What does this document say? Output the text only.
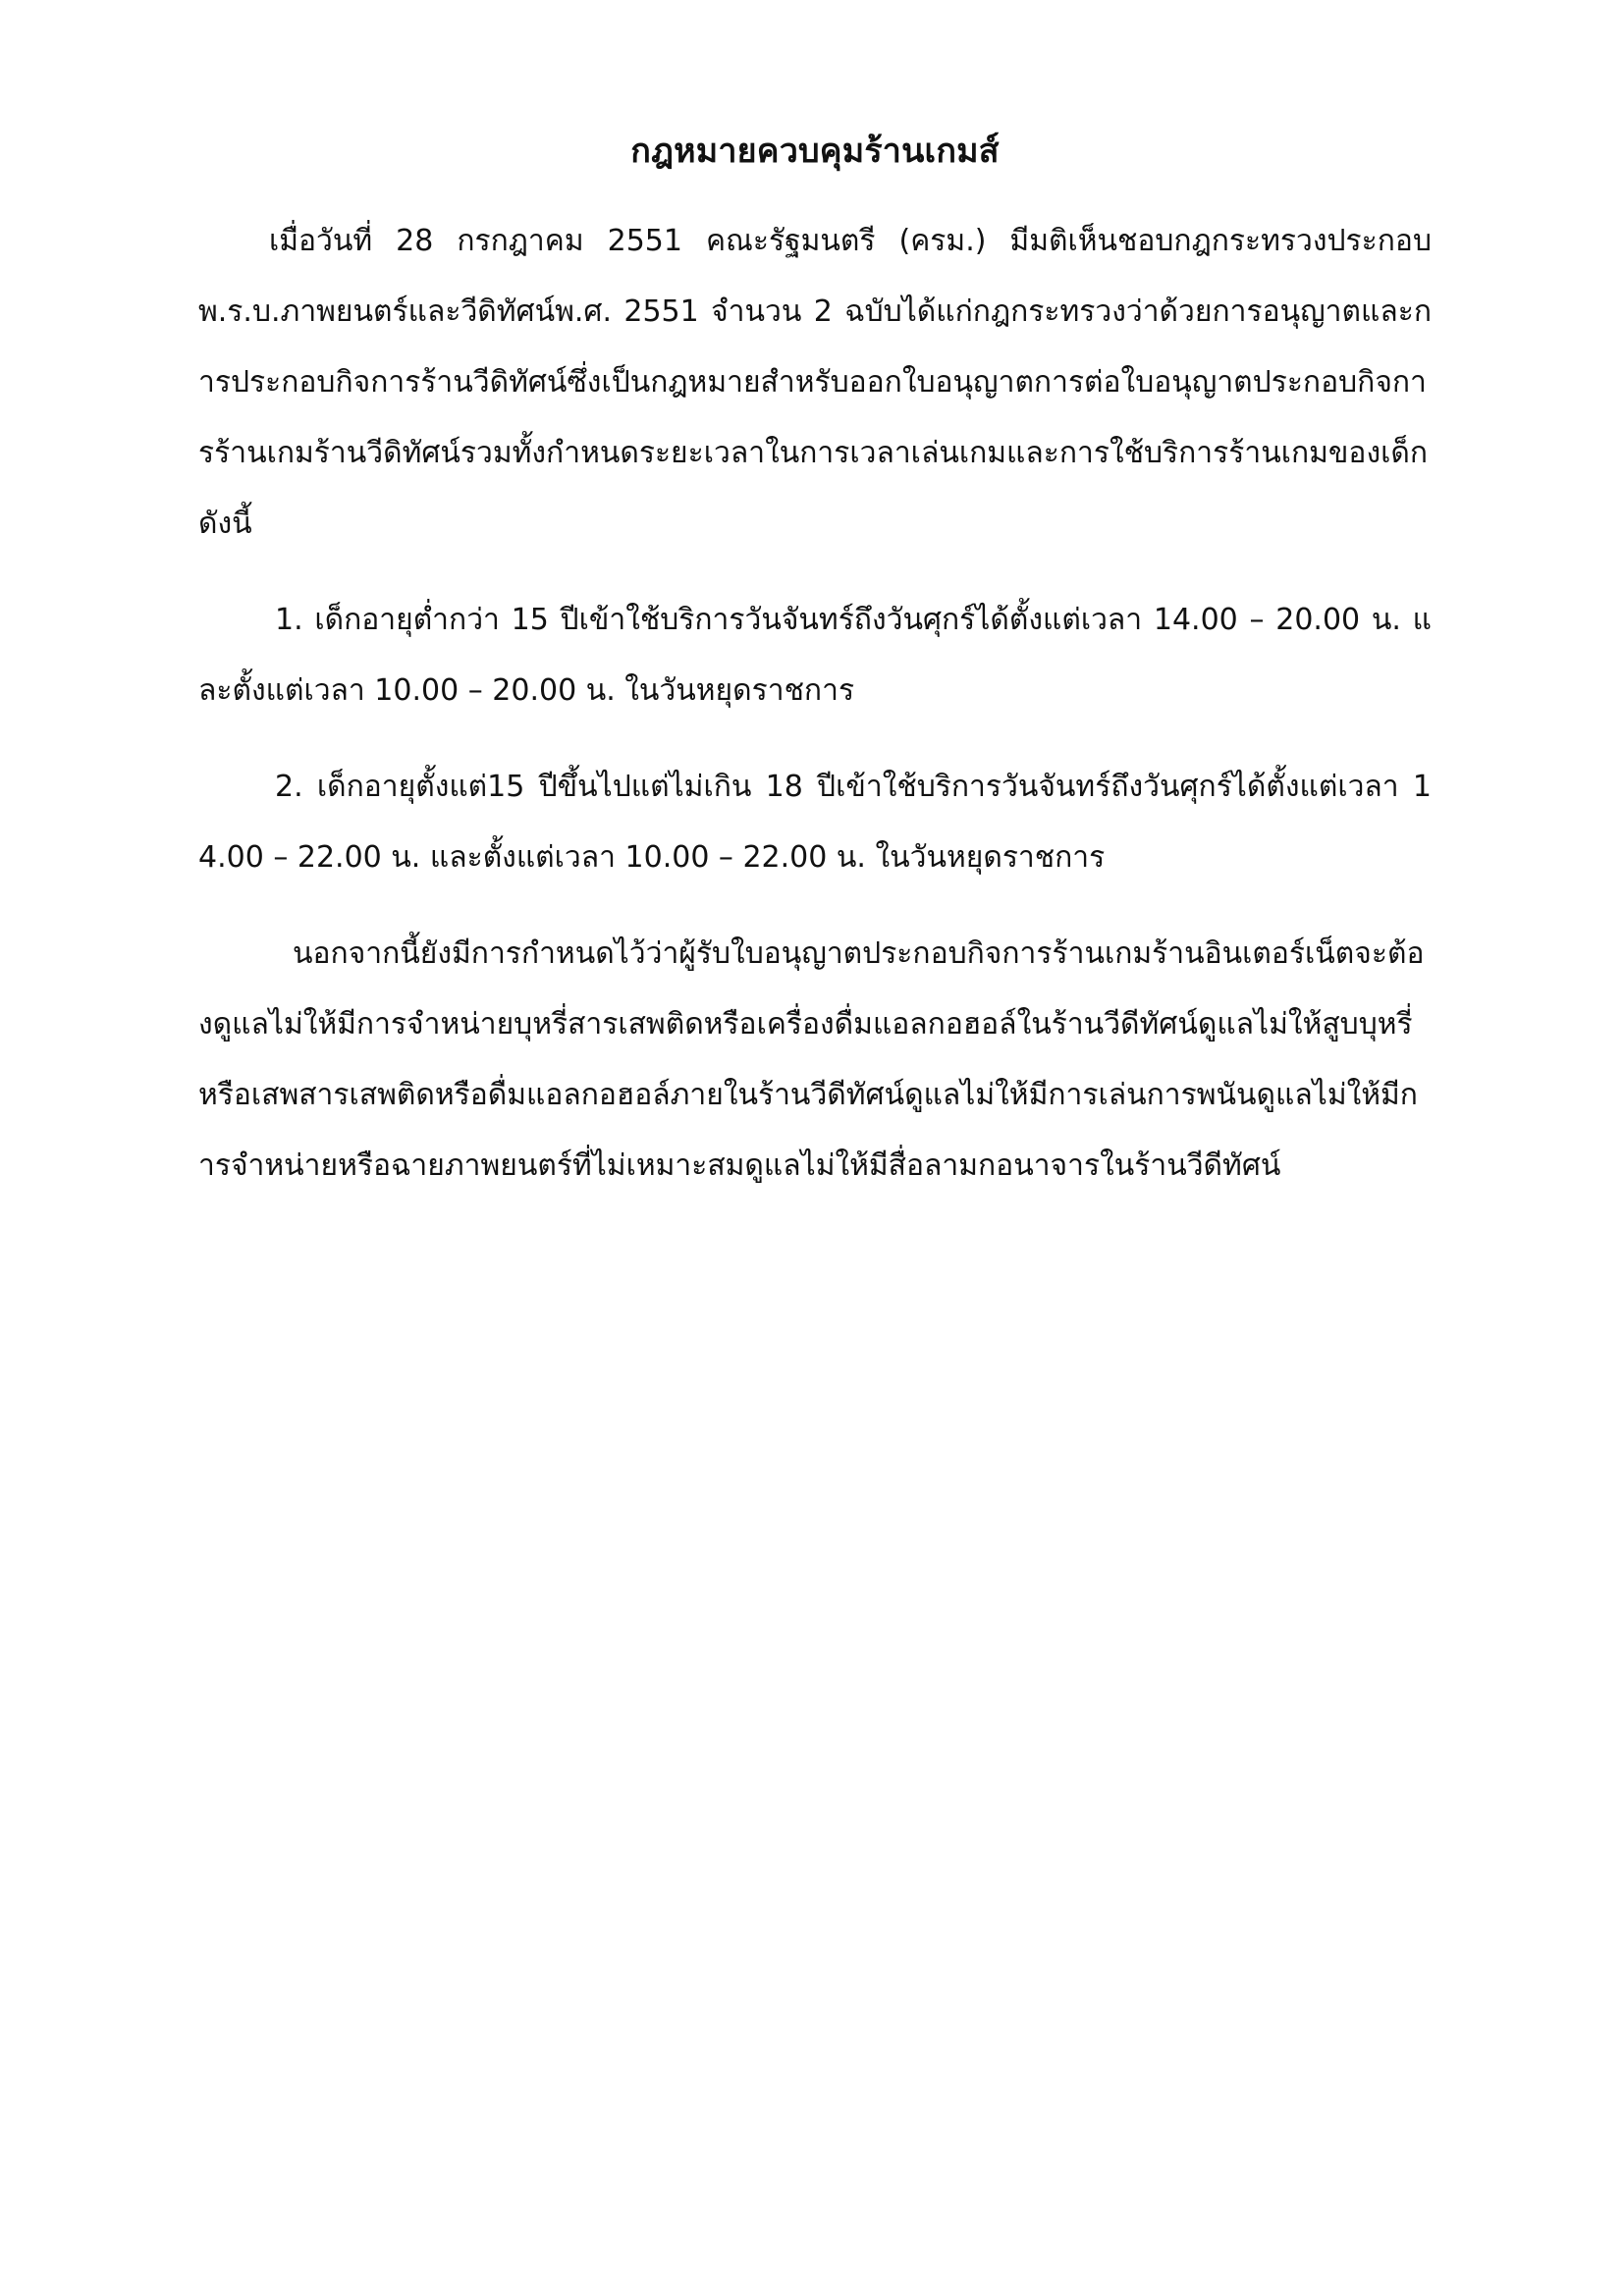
กฎหมายควบคุมร้านเกมส์

เมื่อวันที่ 28 กรกฎาคม 2551 คณะรัฐมนตรี (ครม.) มีมติเห็นชอบกฎกระทรวงประกอบ พ.ร.บ.ภาพยนตร์และวีดิทัศน์พ.ศ. 2551 จำนวน 2 ฉบับได้แก่กฎกระทรวงว่าด้วยการอนุญาตและการประกอบกิจการร้านวีดิทัศน์ซึ่งเป็นกฎหมายสำหรับออกใบอนุญาตการต่อใบอนุญาตประกอบกิจการร้านเกมร้านวีดิทัศน์รวมทั้งกำหนดระยะเวลาในการเวลาเล่นเกมและการใช้บริการร้านเกมของเด็กดังนี้

1. เด็กอายุต่ำกว่า 15 ปีเข้าใช้บริการวันจันทร์ถึงวันศุกร์ได้ตั้งแต่เวลา 14.00 – 20.00 น. และตั้งแต่เวลา 10.00 – 20.00 น. ในวันหยุดราชการ

2. เด็กอายุตั้งแต่15 ปีขึ้นไปแต่ไม่เกิน 18 ปีเข้าใช้บริการวันจันทร์ถึงวันศุกร์ได้ตั้งแต่เวลา 14.00 – 22.00 น. และตั้งแต่เวลา 10.00 – 22.00 น. ในวันหยุดราชการ

นอกจากนี้ยังมีการกำหนดไว้ว่าผู้รับใบอนุญาตประกอบกิจการร้านเกมร้านอินเตอร์เน็ตจะต้องดูแลไม่ให้มีการจำหน่ายบุหรี่สารเสพติดหรือเครื่องดื่มแอลกอฮอล์ในร้านวีดีทัศน์ดูแลไม่ให้สูบบุหรี่หรือเสพสารเสพติดหรือดื่มแอลกอฮอล์ภายในร้านวีดีทัศน์ดูแลไม่ให้มีการเล่นการพนันดูแลไม่ให้มีการจำหน่ายหรือฉายภาพยนตร์ที่ไม่เหมาะสมดูแลไม่ให้มีสื่อลามกอนาจารในร้านวีดีทัศน์
